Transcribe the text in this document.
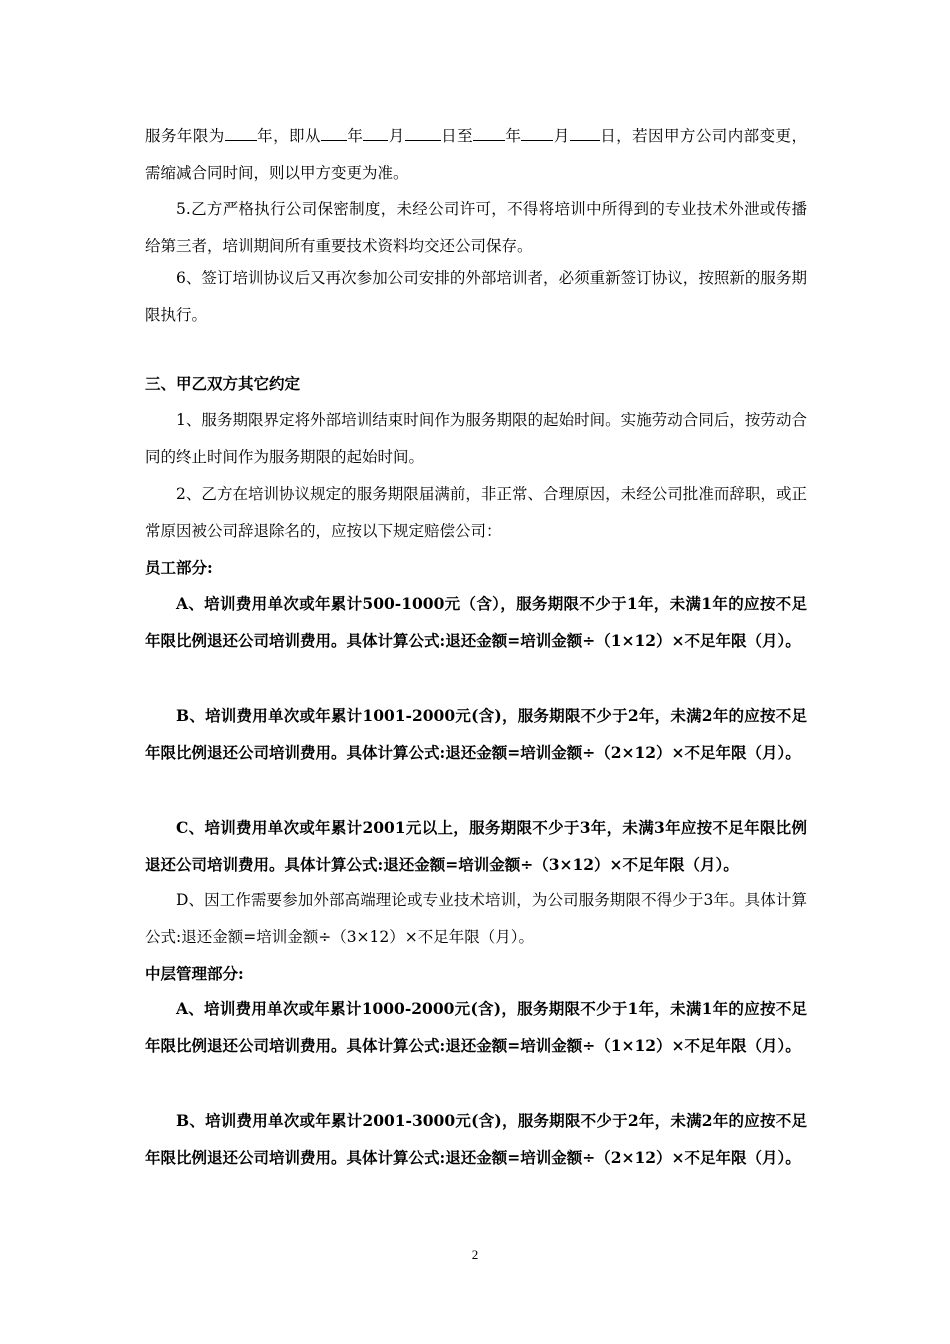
服务年限为 年，即从 年 月 日至 年 月 日，若因甲方公司内部变更，需缩减合同时间，则以甲方变更为准。

5.乙方严格执行公司保密制度，未经公司许可，不得将培训中所得到的专业技术外泄或传播给第三者，培训期间所有重要技术资料均交还公司保存。

6、签订培训协议后又再次参加公司安排的外部培训者，必须重新签订协议，按照新的服务期限执行。

三、甲乙双方其它约定

1、服务期限界定将外部培训结束时间作为服务期限的起始时间。实施劳动合同后，按劳动合同的终止时间作为服务期限的起始时间。

2、乙方在培训协议规定的服务期限届满前，非正常、合理原因，未经公司批准而辞职，或正常原因被公司辞退除名的，应按以下规定赔偿公司：

员工部分:

A、培训费用单次或年累计500-1000元（含），服务期限不少于1年，未满1年的应按不足年限比例退还公司培训费用。具体计算公式:退还金额=培训金额÷（1×12）×不足年限（月）。

B、培训费用单次或年累计1001-2000元(含)，服务期限不少于2年，未满2年的应按不足年限比例退还公司培训费用。具体计算公式:退还金额=培训金额÷（2×12）×不足年限（月）。

C、培训费用单次或年累计2001元以上，服务期限不少于3年，未满3年应按不足年限比例退还公司培训费用。具体计算公式:退还金额=培训金额÷（3×12）×不足年限（月）。

D、因工作需要参加外部高端理论或专业技术培训，为公司服务期限不得少于3年。具体计算公式:退还金额=培训金额÷（3×12）×不足年限（月）。

中层管理部分:

A、培训费用单次或年累计1000-2000元(含)，服务期限不少于1年，未满1年的应按不足年限比例退还公司培训费用。具体计算公式:退还金额=培训金额÷（1×12）×不足年限（月）。

B、培训费用单次或年累计2001-3000元(含)，服务期限不少于2年，未满2年的应按不足年限比例退还公司培训费用。具体计算公式:退还金额=培训金额÷（2×12）×不足年限（月）。

2
